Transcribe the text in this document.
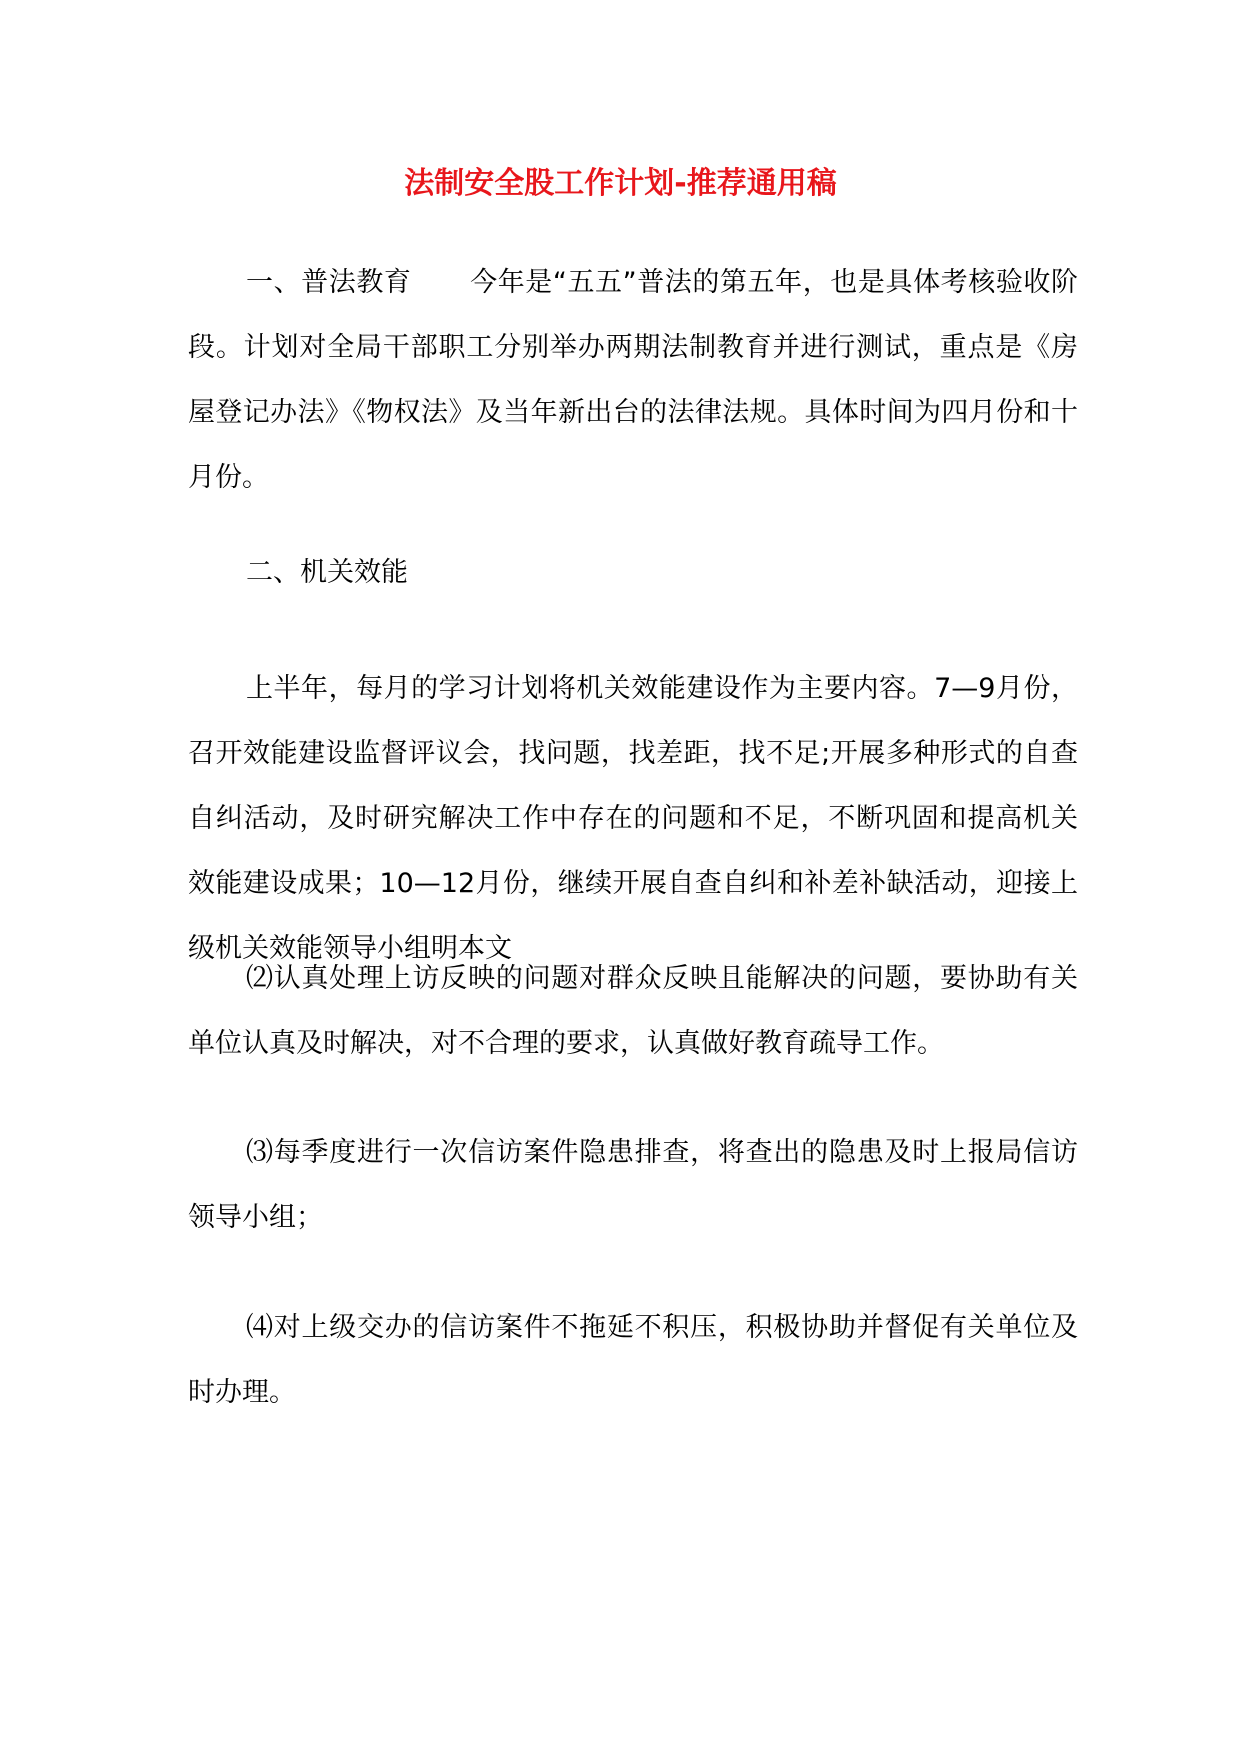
法制安全股工作计划-推荐通用稿
一、普法教育 今年是“五五”普法的第五年，也是具体考核验收阶段。计划对全局干部职工分别举办两期法制教育并进行测试，重点是《房屋登记办法》《物权法》及当年新出台的法律法规。具体时间为四月份和十月份。
二、机关效能
上半年，每月的学习计划将机关效能建设作为主要内容。7—9月份，召开效能建设监督评议会，找问题，找差距，找不足;开展多种形式的自查自纠活动，及时研究解决工作中存在的问题和不足，不断巩固和提高机关效能建设成果；10—12月份，继续开展自查自纠和补差补缺活动，迎接上级机关效能领导小组明本文
⑵认真处理上访反映的问题对群众反映且能解决的问题，要协助有关单位认真及时解决，对不合理的要求，认真做好教育疏导工作。
⑶每季度进行一次信访案件隐患排查，将查出的隐患及时上报局信访领导小组；
⑷对上级交办的信访案件不拖延不积压，积极协助并督促有关单位及时办理。
